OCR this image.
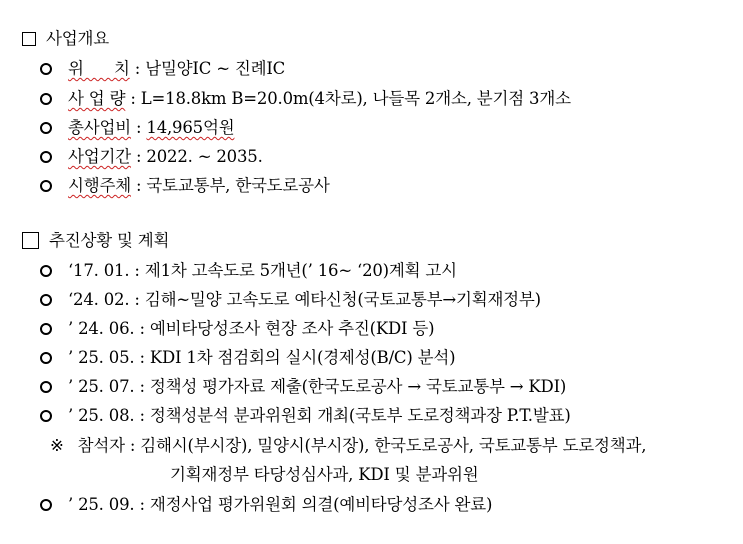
사업개요
위      치 : 남밀양IC ~ 진례IC
사 업 량 : L=18.8km B=20.0m(4차로), 나들목 2개소, 분기점 3개소
총사업비 : 14,965억원
사업기간 : 2022. ~ 2035.
시행주체 : 국토교통부, 한국도로공사
추진상황 및 계획
‘17. 01. : 제1차 고속도로 5개년(’ 16~ ‘20)계획 고시
‘24. 02. : 김해~밀양 고속도로 예타신청(국토교통부→기획재정부)
’ 24. 06. : 예비타당성조사 현장 조사 추진(KDI 등)
’ 25. 05. : KDI 1차 점검회의 실시(경제성(B/C) 분석)
’ 25. 07. : 정책성 평가자료 제출(한국도로공사 → 국토교통부 → KDI)
’ 25. 08. : 정책성분석 분과위원회 개최(국토부 도로정책과장 P.T.발표)
※ 참석자 : 김해시(부시장), 밀양시(부시장), 한국도로공사, 국토교통부 도로정책과,
기획재정부 타당성심사과, KDI 및 분과위원
’ 25. 09. : 재정사업 평가위원회 의결(예비타당성조사 완료)
